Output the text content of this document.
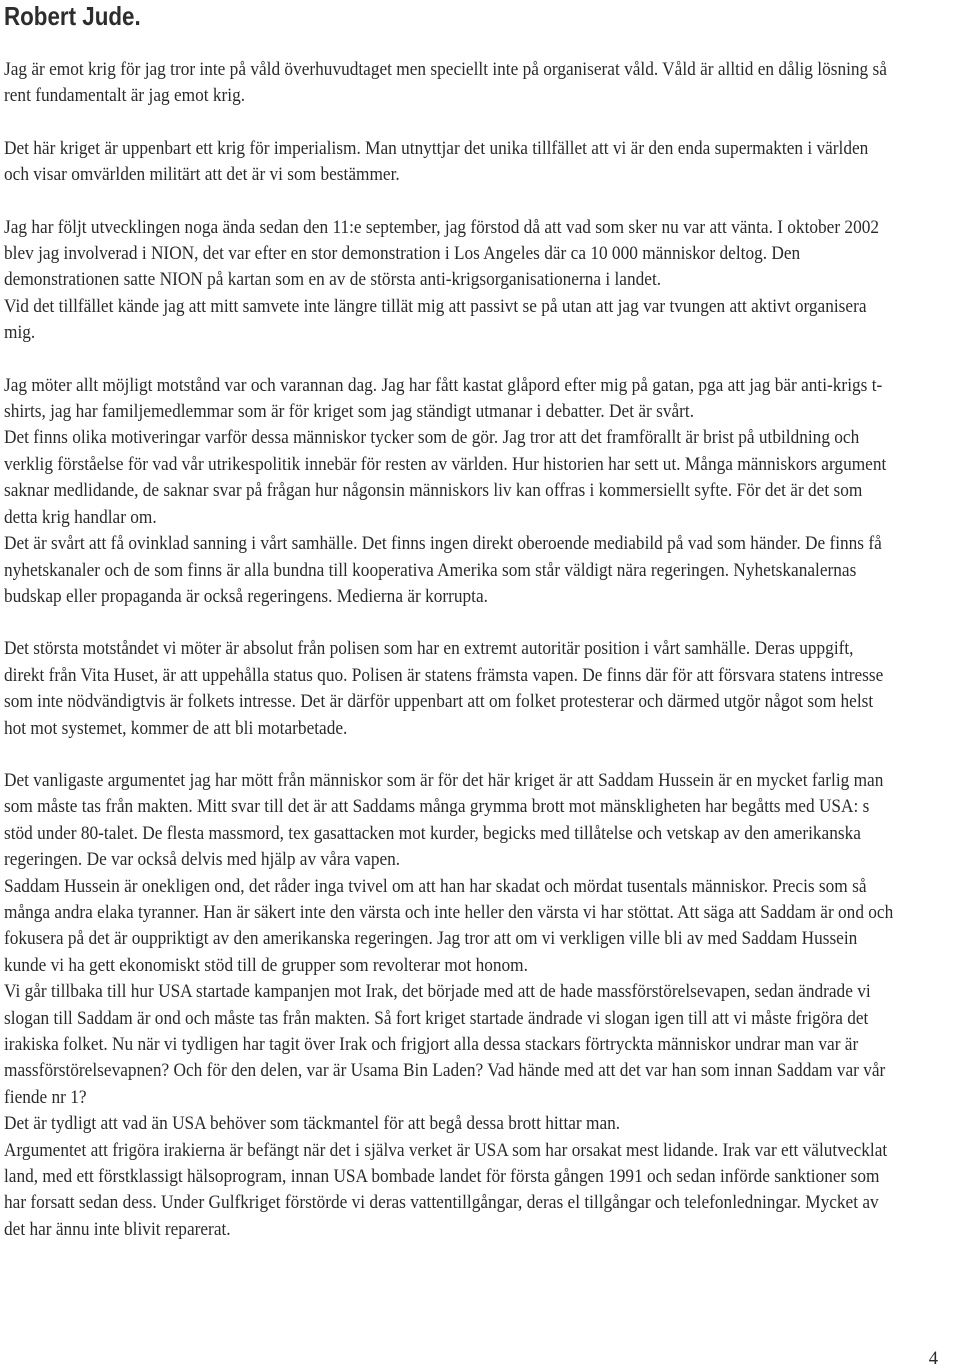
Robert Jude.

Jag är emot krig för jag tror inte på våld överhuvudtaget men speciellt inte på organiserat våld. Våld är alltid en dålig lösning så rent fundamentalt är jag emot krig.

Det här kriget är uppenbart ett krig för imperialism. Man utnyttjar det unika tillfället att vi är den enda supermakten i världen och visar omvärlden militärt att det är vi som bestämmer.

Jag har följt utvecklingen noga ända sedan den 11:e september, jag förstod då att vad som sker nu var att vänta. I oktober 2002 blev jag involverad i NION, det var efter en stor demonstration i Los Angeles där ca 10 000 människor deltog. Den demonstrationen satte NION på kartan som en av de största anti-krigsorganisationerna i landet.

Vid det tillfället kände jag att mitt samvete inte längre tillät mig att passivt se på utan att jag var tvungen att aktivt organisera mig.

Jag möter allt möjligt motstånd var och varannan dag. Jag har fått kastat glåpord efter mig på gatan, pga att jag bär anti-krigs t-shirts, jag har familjemedlemmar som är för kriget som jag ständigt utmanar i debatter. Det är svårt.

Det finns olika motiveringar varför dessa människor tycker som de gör. Jag tror att det framförallt är brist på utbildning och verklig förståelse för vad vår utrikespolitik innebär för resten av världen. Hur historien har sett ut. Många människors argument saknar medlidande, de saknar svar på frågan hur någonsin människors liv kan offras i kommersiellt syfte. För det är det som detta krig handlar om.

Det är svårt att få ovinklad sanning i vårt samhälle. Det finns ingen direkt oberoende mediabild på vad som händer. De finns få nyhetskanaler och de som finns är alla bundna till kooperativa Amerika som står väldigt nära regeringen. Nyhetskanalernas budskap eller propaganda är också regeringens. Medierna är korrupta.

Det största motståndet vi möter är absolut från polisen som har en extremt autoritär position i vårt samhälle. Deras uppgift, direkt från Vita Huset, är att uppehålla status quo. Polisen är statens främsta vapen. De finns där för att försvara statens intresse som inte nödvändigtvis är folkets intresse. Det är därför uppenbart att om folket protesterar och därmed utgör något som helst hot mot systemet, kommer de att bli motarbetade.

Det vanligaste argumentet jag har mött från människor som är för det här kriget är att Saddam Hussein är en mycket farlig man som måste tas från makten. Mitt svar till det är att Saddams många grymma brott mot mänskligheten har begåtts med USA: s stöd under 80-talet. De flesta massmord, tex gasattacken mot kurder, begicks med tillåtelse och vetskap av den amerikanska regeringen. De var också delvis med hjälp av våra vapen.

Saddam Hussein är onekligen ond, det råder inga tvivel om att han har skadat och mördat tusentals människor. Precis som så många andra elaka tyranner. Han är säkert inte den värsta och inte heller den värsta vi har stöttat. Att säga att Saddam är ond och fokusera på det är ouppriktigt av den amerikanska regeringen. Jag tror att om vi verkligen ville bli av med Saddam Hussein kunde vi ha gett ekonomiskt stöd till de grupper som revolterar mot honom.

Vi går tillbaka till hur USA startade kampanjen mot Irak, det började med att de hade massförstörelsevapen, sedan ändrade vi slogan till Saddam är ond och måste tas från makten. Så fort kriget startade ändrade vi slogan igen till att vi måste frigöra det irakiska folket. Nu när vi tydligen har tagit över Irak och frigjort alla dessa stackars förtryckta människor undrar man var är massförstörelsevapnen? Och för den delen, var är Usama Bin Laden? Vad hände med att det var han som innan Saddam var vår fiende nr 1?

Det är tydligt att vad än USA behöver som täckmantel för att begå dessa brott hittar man.

Argumentet att frigöra irakierna är befängt när det i själva verket är USA som har orsakat mest lidande. Irak var ett välutvecklat land, med ett förstklassigt hälsoprogram, innan USA bombade landet för första gången 1991 och sedan införde sanktioner som har forsatt sedan dess. Under Gulfkriget förstörde vi deras vattentillgångar, deras el tillgångar och telefonledningar. Mycket av det har ännu inte blivit reparerat.

4
